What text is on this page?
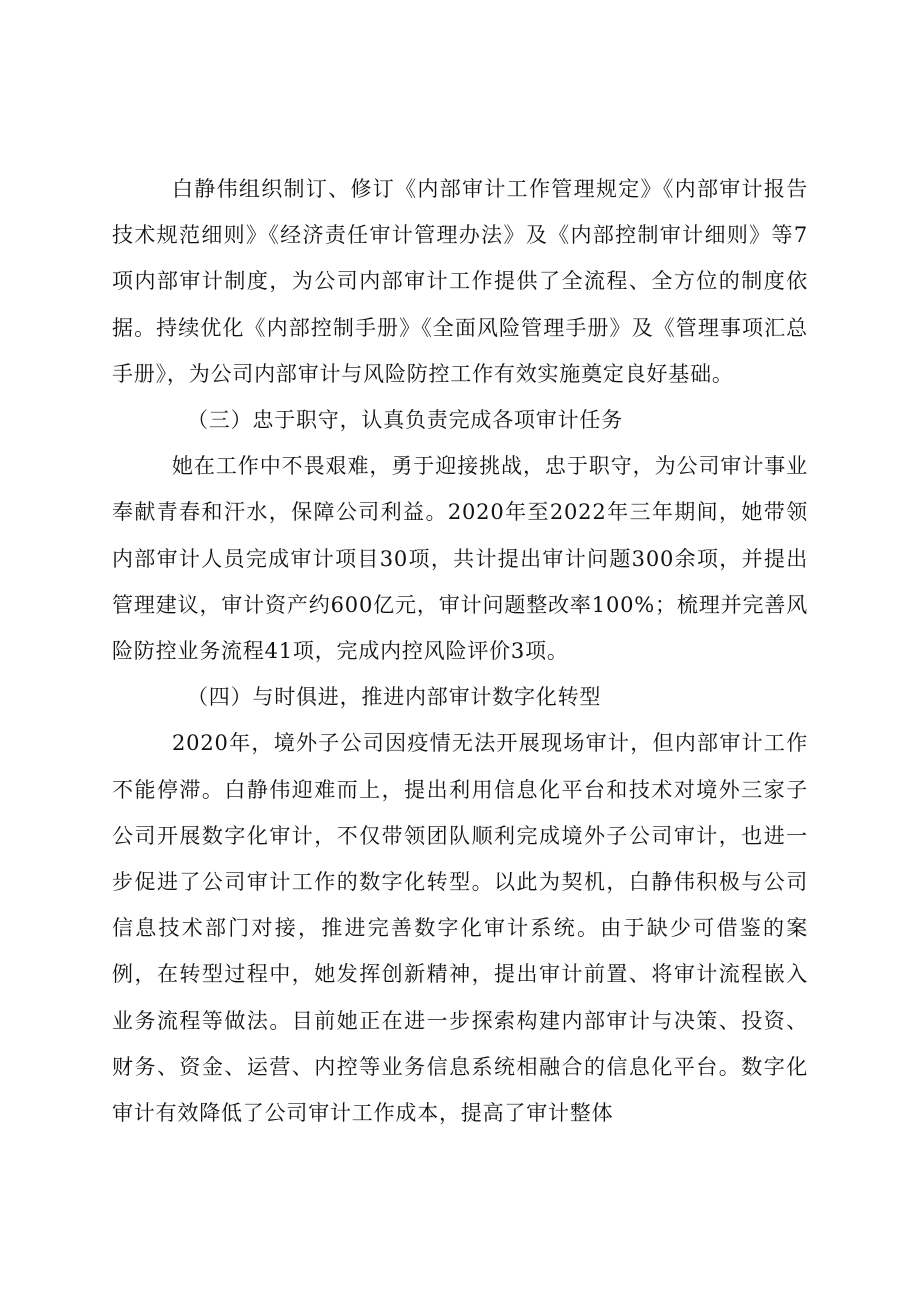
白静伟组织制订、修订《内部审计工作管理规定》《内部审计报告技术规范细则》《经济责任审计管理办法》及《内部控制审计细则》等7项内部审计制度，为公司内部审计工作提供了全流程、全方位的制度依据。持续优化《内部控制手册》《全面风险管理手册》及《管理事项汇总手册》，为公司内部审计与风险防控工作有效实施奠定良好基础。

（三）忠于职守，认真负责完成各项审计任务

她在工作中不畏艰难，勇于迎接挑战，忠于职守，为公司审计事业奉献青春和汗水，保障公司利益。2020年至2022年三年期间，她带领内部审计人员完成审计项目30项，共计提出审计问题300余项，并提出管理建议，审计资产约600亿元，审计问题整改率100%；梳理并完善风险防控业务流程41项，完成内控风险评价3项。

（四）与时俱进，推进内部审计数字化转型

2020年，境外子公司因疫情无法开展现场审计，但内部审计工作不能停滞。白静伟迎难而上，提出利用信息化平台和技术对境外三家子公司开展数字化审计，不仅带领团队顺利完成境外子公司审计，也进一步促进了公司审计工作的数字化转型。以此为契机，白静伟积极与公司信息技术部门对接，推进完善数字化审计系统。由于缺少可借鉴的案例，在转型过程中，她发挥创新精神，提出审计前置、将审计流程嵌入业务流程等做法。目前她正在进一步探索构建内部审计与决策、投资、财务、资金、运营、内控等业务信息系统相融合的信息化平台。数字化审计有效降低了公司审计工作成本，提高了审计整体
